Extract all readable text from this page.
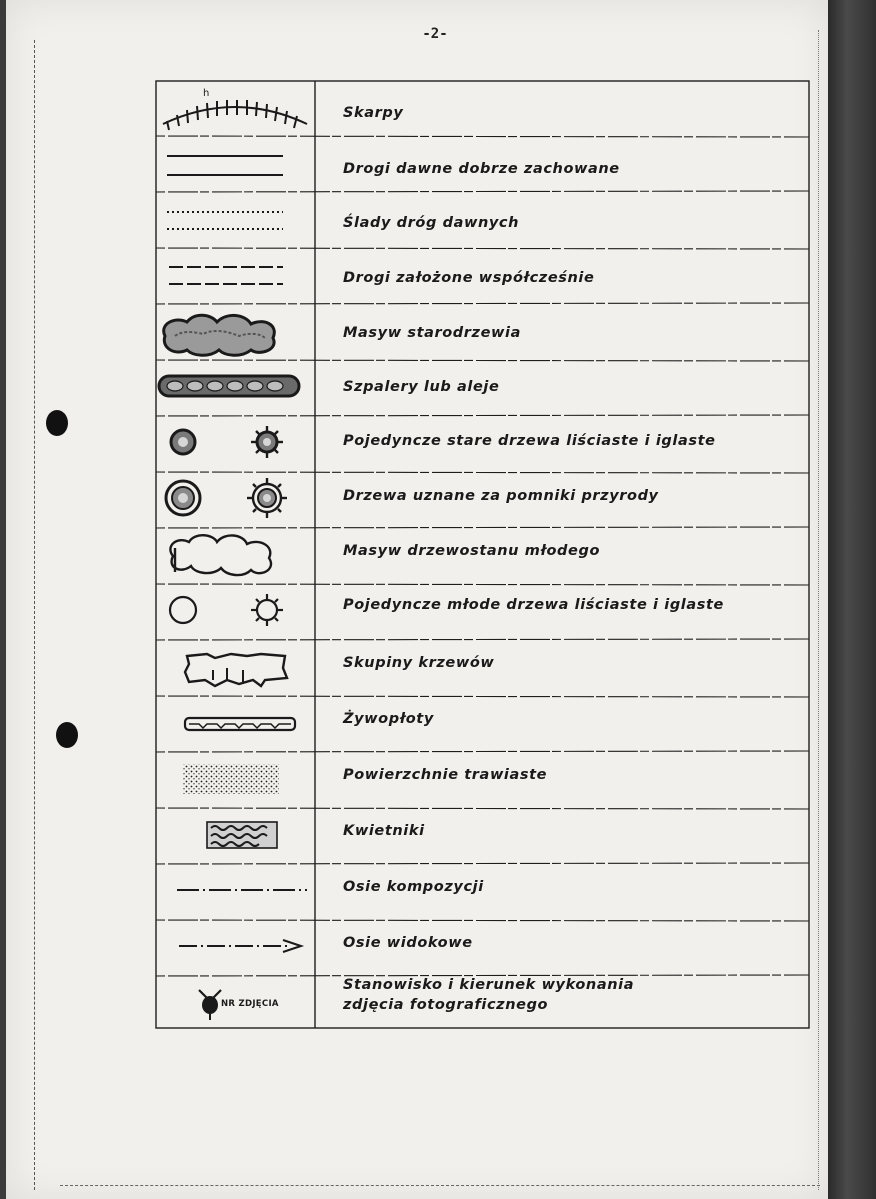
-2-
h
Skarpy
Drogi dawne dobrze zachowane
Ślady dróg dawnych
Drogi założone współcześnie
Masyw starodrzewia
Szpalery lub aleje
Pojedyncze stare drzewa liściaste i iglaste
Drzewa uznane za pomniki przyrody
Masyw drzewostanu młodego
Pojedyncze młode drzewa liściaste i iglaste
Skupiny krzewów
Żywopłoty
Powierzchnie trawiaste
Kwietniki
Osie kompozycji
Osie widokowe
NR ZDJĘCIA
Stanowisko i kierunek wykonania
zdjęcia fotograficznego
